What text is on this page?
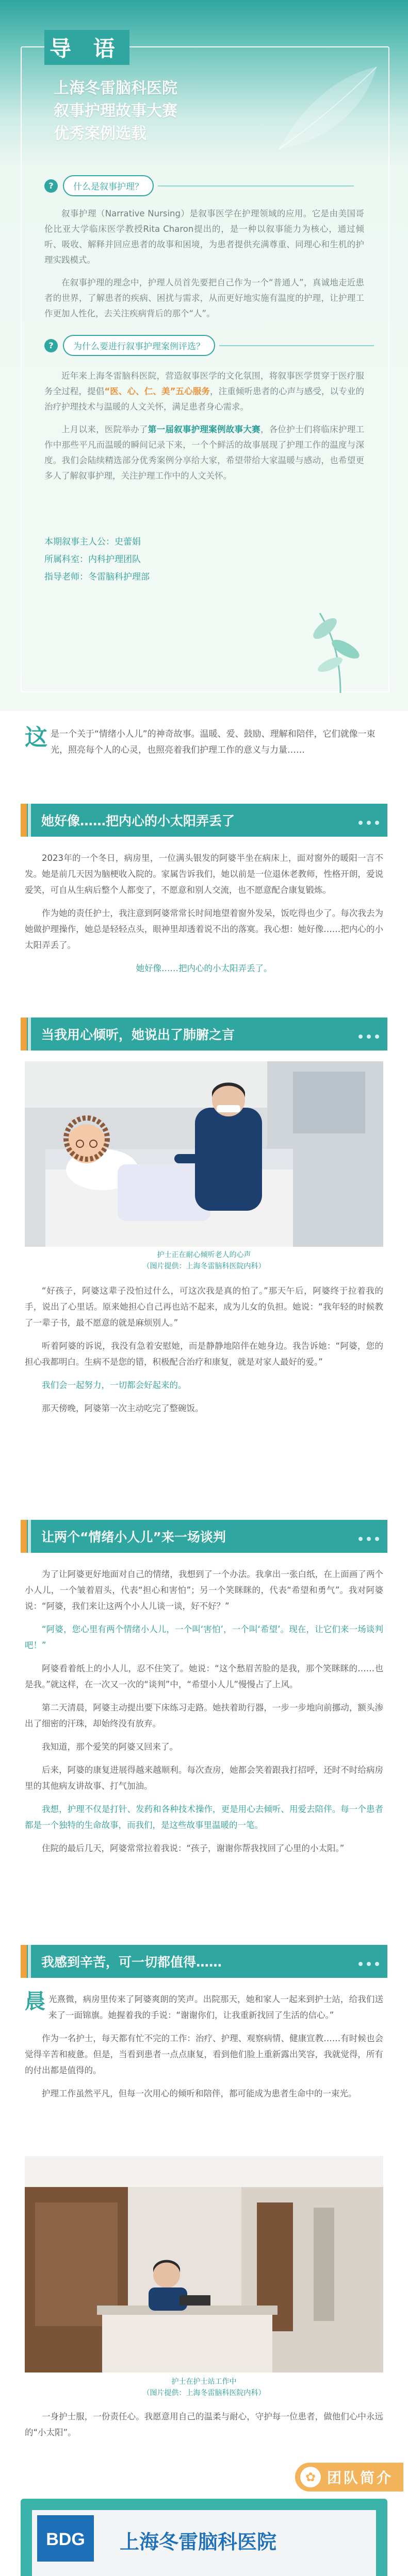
导 语
上海冬雷脑科医院
叙事护理故事大赛
优秀案例选载
?	什么是叙事护理？

叙事护理（Narrative Nursing）是叙事医学在护理领域的应用。它是由美国哥伦比亚大学临床医学教授Rita Charon提出的，是一种以叙事能力为核心，通过倾听、吸收、解释并回应患者的故事和困境，为患者提供充满尊重、同理心和生机的护理实践模式。

在叙事护理的理念中，护理人员首先要把自己作为一个“普通人”，真诚地走近患者的世界，了解患者的疾病、困扰与需求，从而更好地实施有温度的护理，让护理工作更加人性化，去关注疾病背后的那个“人”。

?	为什么要进行叙事护理案例评选？

近年来上海冬雷脑科医院，营造叙事医学的文化氛围，将叙事医学贯穿于医疗服务全过程，提倡“医、心、仁、美”五心服务，注重倾听患者的心声与感受，以专业的治疗护理技术与温暖的人文关怀，满足患者身心需求。

上月以来，医院举办了第一届叙事护理案例故事大赛，各位护士们将临床护理工作中那些平凡而温暖的瞬间记录下来，一个个鲜活的故事展现了护理工作的温度与深度。我们会陆续精选部分优秀案例分享给大家，希望带给大家温暖与感动，也希望更多人了解叙事护理，关注护理工作中的人文关怀。

本期叙事主人公：史蕾娟
所属科室：内科护理团队
指导老师：冬雷脑科护理部
这 是一个关于“情绪小人儿”的神奇故事。温暖、爱、鼓励、理解和陪伴，它们就像一束光，照亮每个人的心灵，也照亮着我们护理工作的意义与力量……
她好像……把内心的小太阳弄丢了

2023年的一个冬日，病房里，一位满头银发的阿婆半坐在病床上，面对窗外的暖阳一言不发。她是前几天因为脑梗收入院的。家属告诉我们，她以前是一位退休老教师，性格开朗，爱说爱笑，可自从生病后整个人都变了，不愿意和别人交流，也不愿意配合康复锻炼。

作为她的责任护士，我注意到阿婆常常长时间地望着窗外发呆，饭吃得也少了。每次我去为她做护理操作，她总是轻轻点头，眼神里却透着说不出的落寞。我心想：她好像……把内心的小太阳弄丢了。

她好像……把内心的小太阳弄丢了。

当我用心倾听，她说出了肺腑之言
护士正在耐心倾听老人的心声
（图片提供：上海冬雷脑科医院内科）

“好孩子，阿婆这辈子没怕过什么，可这次我是真的怕了。”那天午后，阿婆终于拉着我的手，说出了心里话。原来她担心自己再也站不起来，成为儿女的负担。她说：“我年轻的时候教了一辈子书，最不愿意的就是麻烦别人。”

听着阿婆的诉说，我没有急着安慰她，而是静静地陪伴在她身边。我告诉她：“阿婆，您的担心我都明白。生病不是您的错，积极配合治疗和康复，就是对家人最好的爱。”

我们会一起努力，一切都会好起来的。

那天傍晚，阿婆第一次主动吃完了整碗饭。

让两个“情绪小人儿”来一场谈判

为了让阿婆更好地面对自己的情绪，我想到了一个办法。我拿出一张白纸，在上面画了两个小人儿，一个皱着眉头，代表“担心和害怕”；另一个笑眯眯的，代表“希望和勇气”。我对阿婆说：“阿婆，我们来让这两个小人儿谈一谈，好不好？”

“阿婆，您心里有两个情绪小人儿，一个叫‘害怕’，一个叫‘希望’。现在，让它们来一场谈判吧！”

阿婆看着纸上的小人儿，忍不住笑了。她说：“这个愁眉苦脸的是我，那个笑眯眯的……也是我。”就这样，在一次又一次的“谈判”中，“希望小人儿”慢慢占了上风。

第二天清晨，阿婆主动提出要下床练习走路。她扶着助行器，一步一步地向前挪动，额头渗出了细密的汗珠，却始终没有放弃。

我知道，那个爱笑的阿婆又回来了。

后来，阿婆的康复进展得越来越顺利。每次查房，她都会笑着跟我打招呼，还时不时给病房里的其他病友讲故事、打气加油。

我想，护理不仅是打针、发药和各种技术操作，更是用心去倾听、用爱去陪伴。每一个患者都是一个独特的生命故事，而我们，是这些故事里温暖的一笔。

住院的最后几天，阿婆常常拉着我说：“孩子，谢谢你帮我找回了心里的小太阳。”

我感到辛苦，可一切都值得……

晨光熹微，病房里传来了阿婆爽朗的笑声。出院那天，她和家人一起来到护士站，给我们送来了一面锦旗。她握着我的手说：“谢谢你们，让我重新找回了生活的信心。”

作为一名护士，每天都有忙不完的工作：治疗、护理、观察病情、健康宣教……有时候也会觉得辛苦和疲惫。但是，当看到患者一点点康复，看到他们脸上重新露出笑容，我就觉得，所有的付出都是值得的。

护理工作虽然平凡，但每一次用心的倾听和陪伴，都可能成为患者生命中的一束光。

护士在护士站工作中
（图片提供：上海冬雷脑科医院内科）

一身护士服，一份责任心。我愿意用自己的温柔与耐心，守护每一位患者，做他们心中永远的“小太阳”。

✿ 团队简介
BDG 上海冬雷脑科医院
